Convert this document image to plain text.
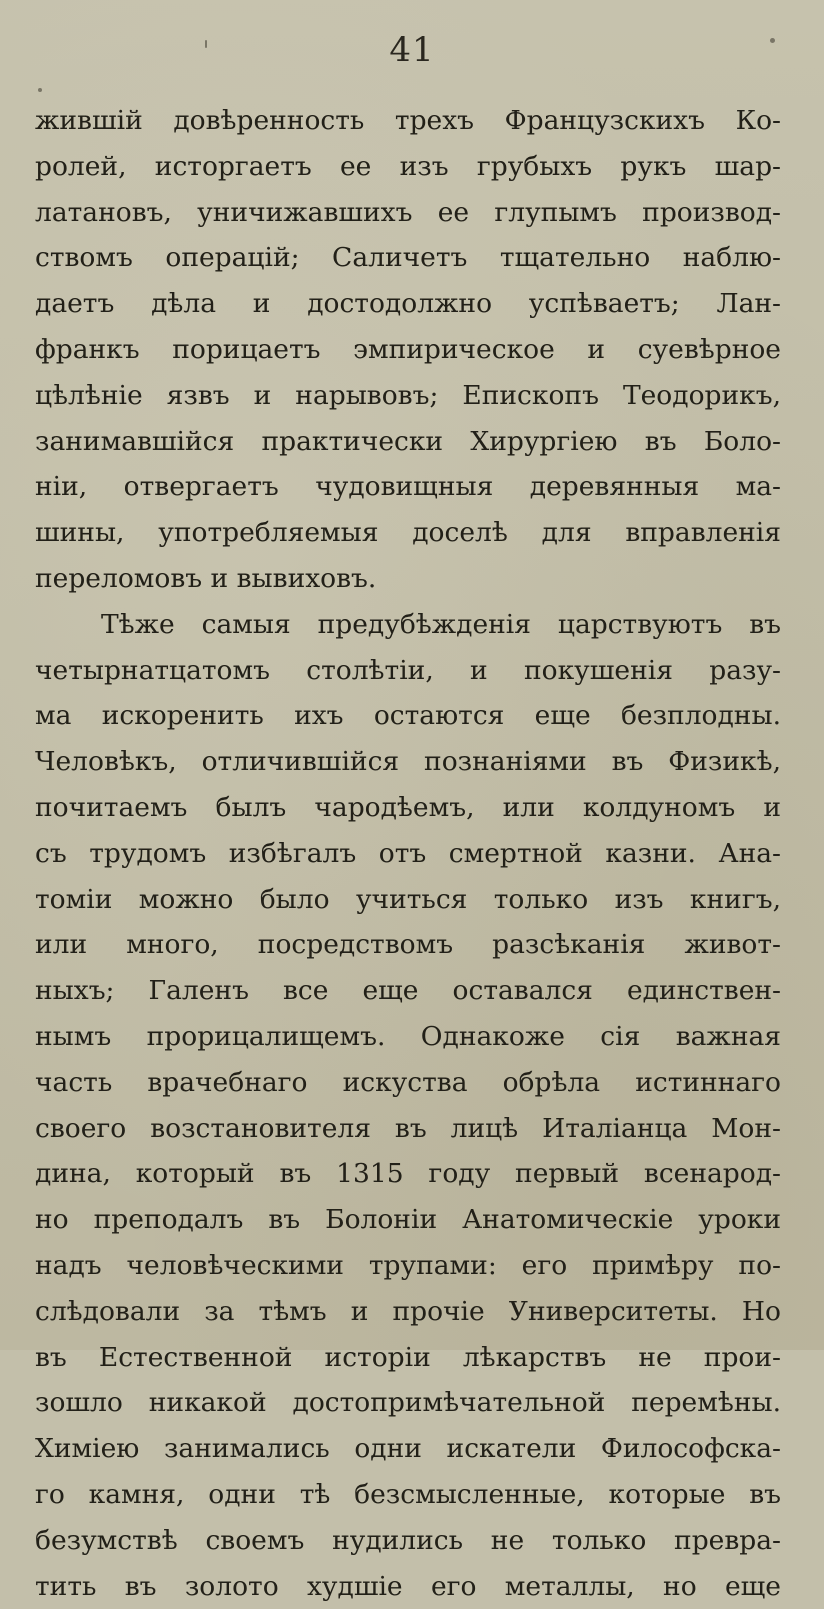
41
жившій довѣренность трехъ Французскихъ Ко-
ролей, исторгаетъ ее изъ грубыхъ рукъ шар-
латановъ, уничижавшихъ ее глупымъ производ-
ствомъ операцій; Саличетъ тщательно наблю-
даетъ дѣла и достодолжно успѣваетъ; Лан-
франкъ порицаетъ эмпирическое и суевѣрное
цѣлѣніе язвъ и нарывовъ; Епископъ Теодорикъ,
занимавшійся практически Хирургіею въ Боло-
ніи, отвергаетъ чудовищныя деревянныя ма-
шины, употребляемыя доселѣ для вправленія
переломовъ и вывиховъ.
Тѣже самыя предубѣжденія царствуютъ въ
четырнатцатомъ столѣтіи, и покушенія разу-
ма искоренить ихъ остаются еще безплодны.
Человѣкъ, отличившійся познаніями въ Физикѣ,
почитаемъ былъ чародѣемъ, или колдуномъ и
съ трудомъ избѣгалъ отъ смертной казни. Ана-
томіи можно было учиться только изъ книгъ,
или много, посредствомъ разсѣканія живот-
ныхъ; Галенъ все еще оставался единствен-
нымъ прорицалищемъ. Однакоже сія важная
часть врачебнаго искуства обрѣла истиннаго
своего возстановителя въ лицѣ Италіанца Мон-
дина, который въ 1315 году первый всенарод-
но преподалъ въ Болоніи Анатомическіе уроки
надъ человѣческими трупами: его примѣру по-
слѣдовали за тѣмъ и прочіе Университеты. Но
въ Естественной исторіи лѣкарствъ не прои-
зошло никакой достопримѣчательной перемѣны.
Химіею занимались одни искатели Философска-
го камня, одни тѣ безсмысленные, которые въ
безумствѣ своемъ нудились не только превра-
тить въ золото худшіе его металлы, но еще
